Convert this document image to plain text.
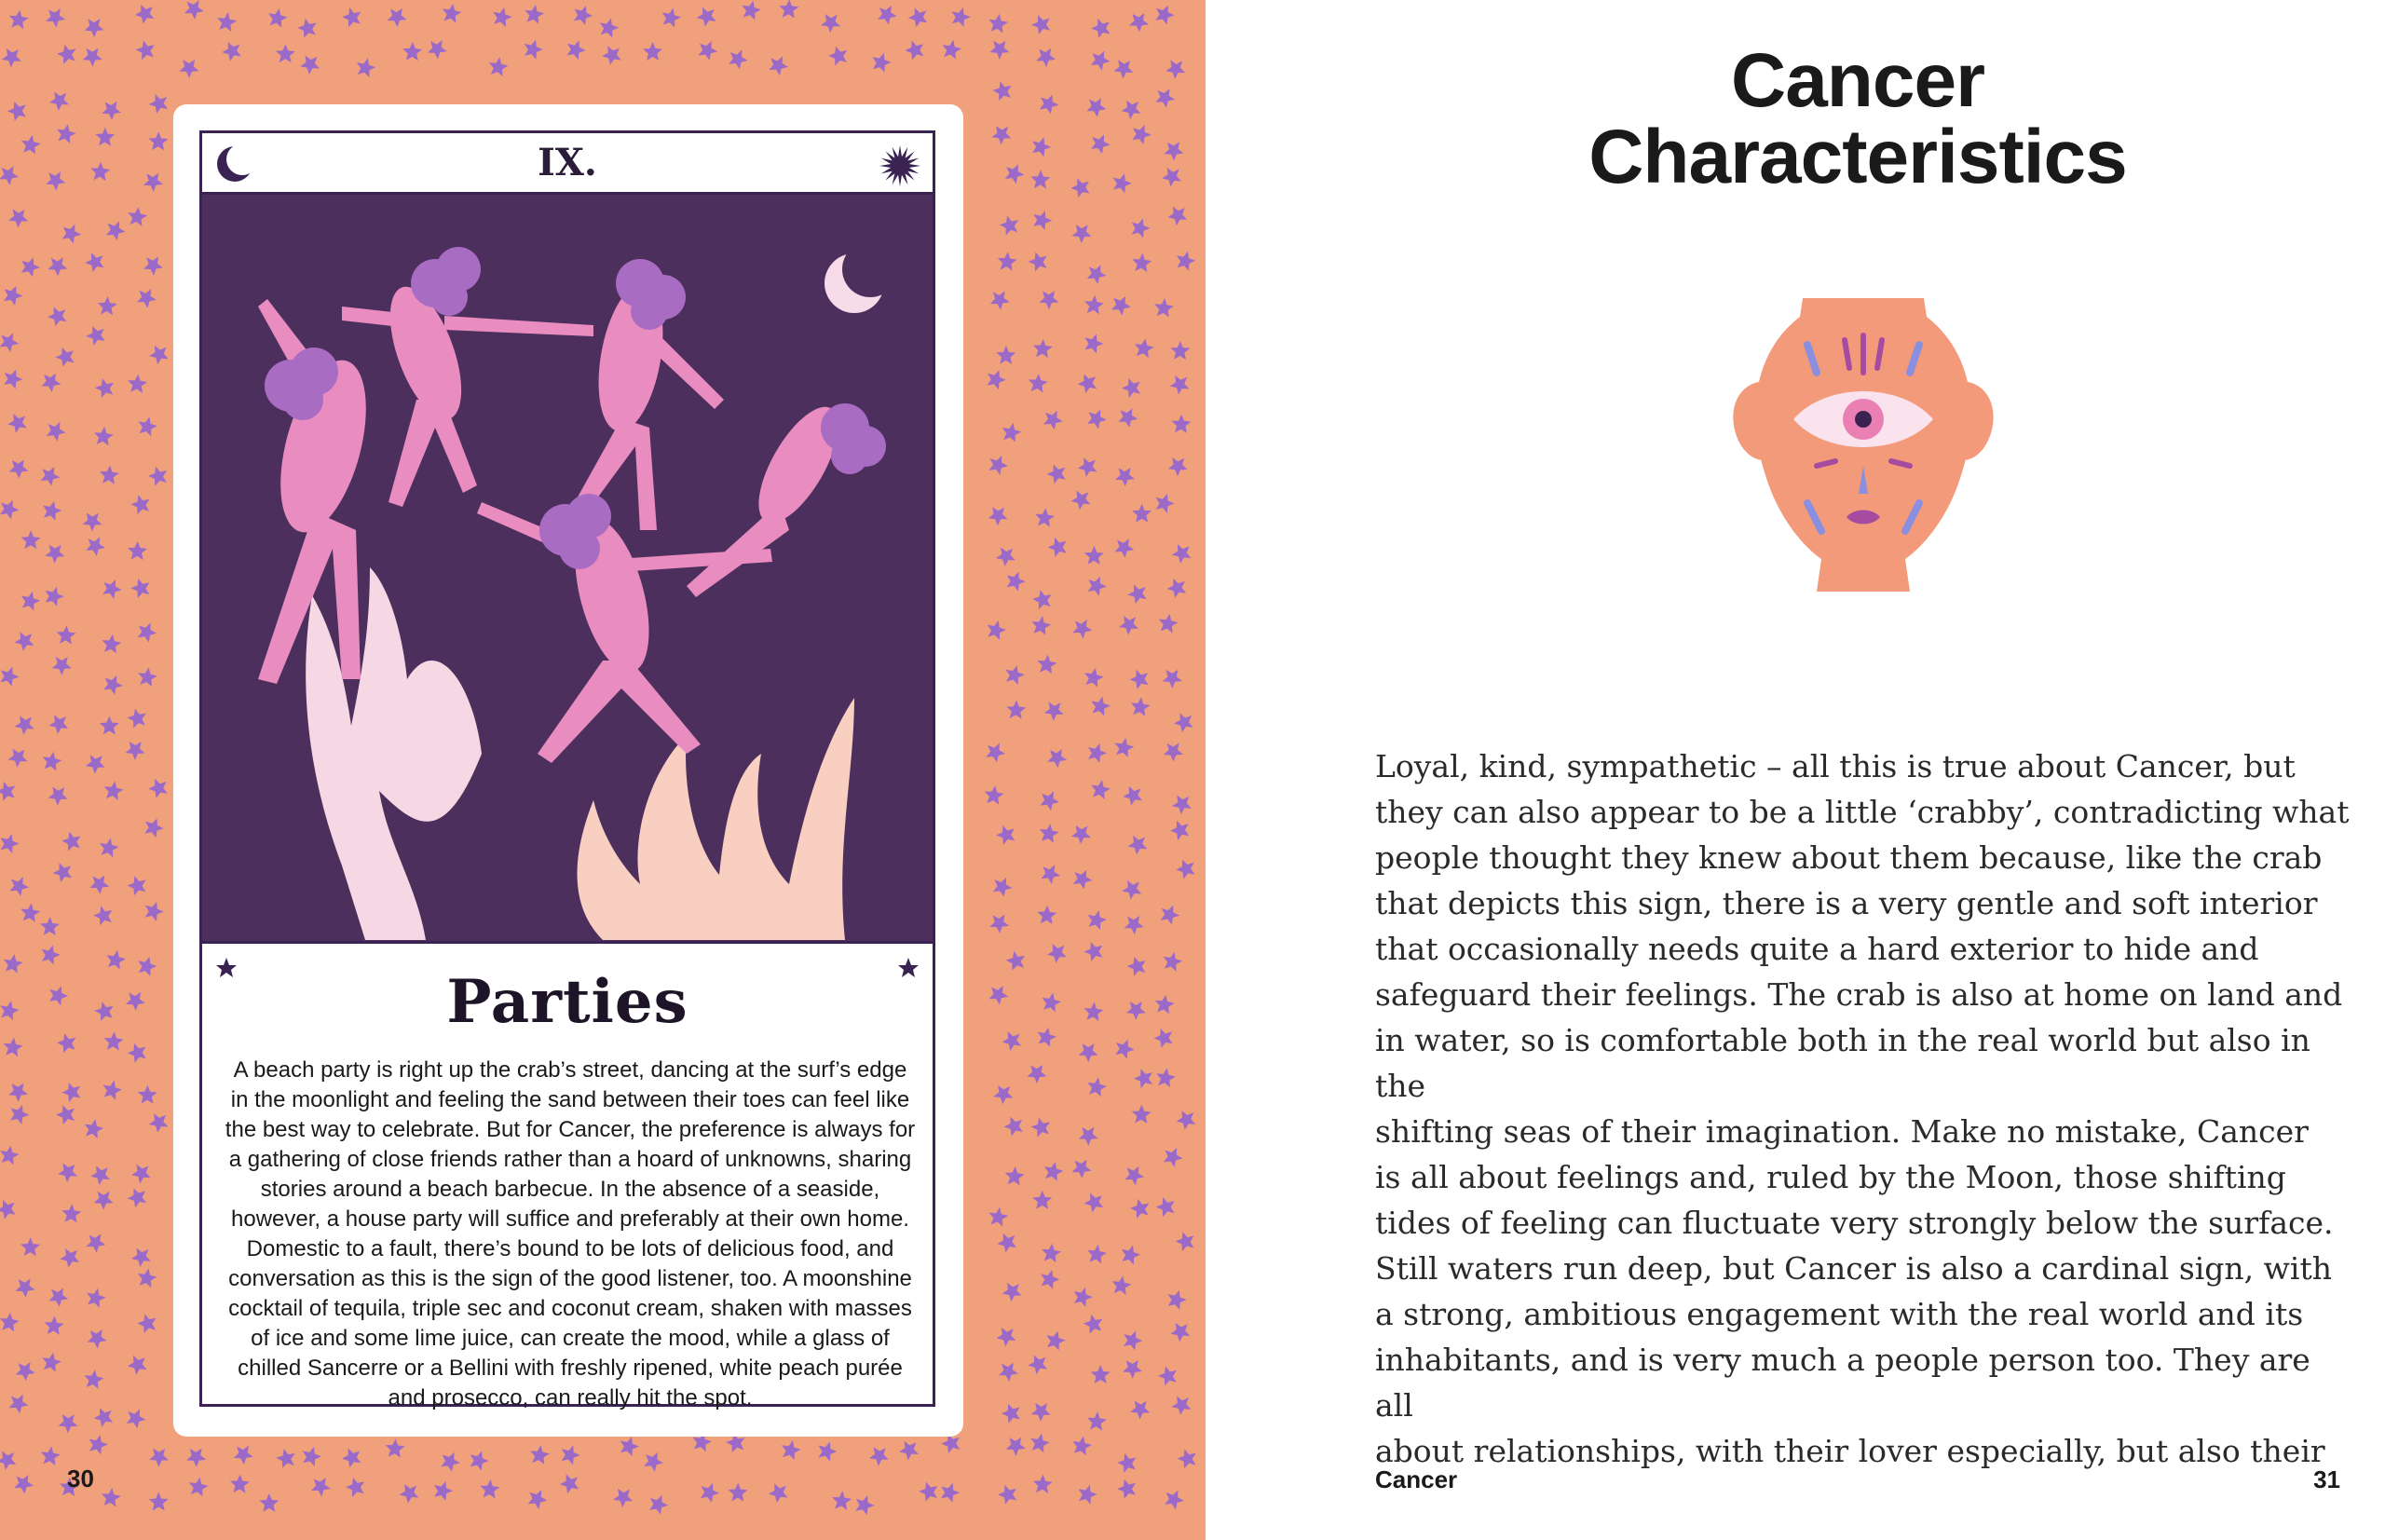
IX.
Parties

A beach party is right up the crab’s street, dancing at the surf’s edge in the moonlight and feeling the sand between their toes can feel like the best way to celebrate. But for Cancer, the preference is always for a gathering of close friends rather than a hoard of unknowns, sharing stories around a beach barbecue. In the absence of a seaside, however, a house party will suffice and preferably at their own home. Domestic to a fault, there’s bound to be lots of delicious food, and conversation as this is the sign of the good listener, too. A moonshine cocktail of tequila, triple sec and coconut cream, shaken with masses of ice and some lime juice, can create the mood, while a glass of chilled Sancerre or a Bellini with freshly ripened, white peach purée and prosecco, can really hit the spot.

30
Cancer
Characteristics

Loyal, kind, sympathetic – all this is true about Cancer, but
they can also appear to be a little ‘crabby’, contradicting what
people thought they knew about them because, like the crab
that depicts this sign, there is a very gentle and soft interior
that occasionally needs quite a hard exterior to hide and
safeguard their feelings. The crab is also at home on land and
in water, so is comfortable both in the real world but also in the
shifting seas of their imagination. Make no mistake, Cancer
is all about feelings and, ruled by the Moon, those shifting
tides of feeling can fluctuate very strongly below the surface.
Still waters run deep, but Cancer is also a cardinal sign, with
a strong, ambitious engagement with the real world and its
inhabitants, and is very much a people person too. They are all
about relationships, with their lover especially, but also their

Cancer	31
